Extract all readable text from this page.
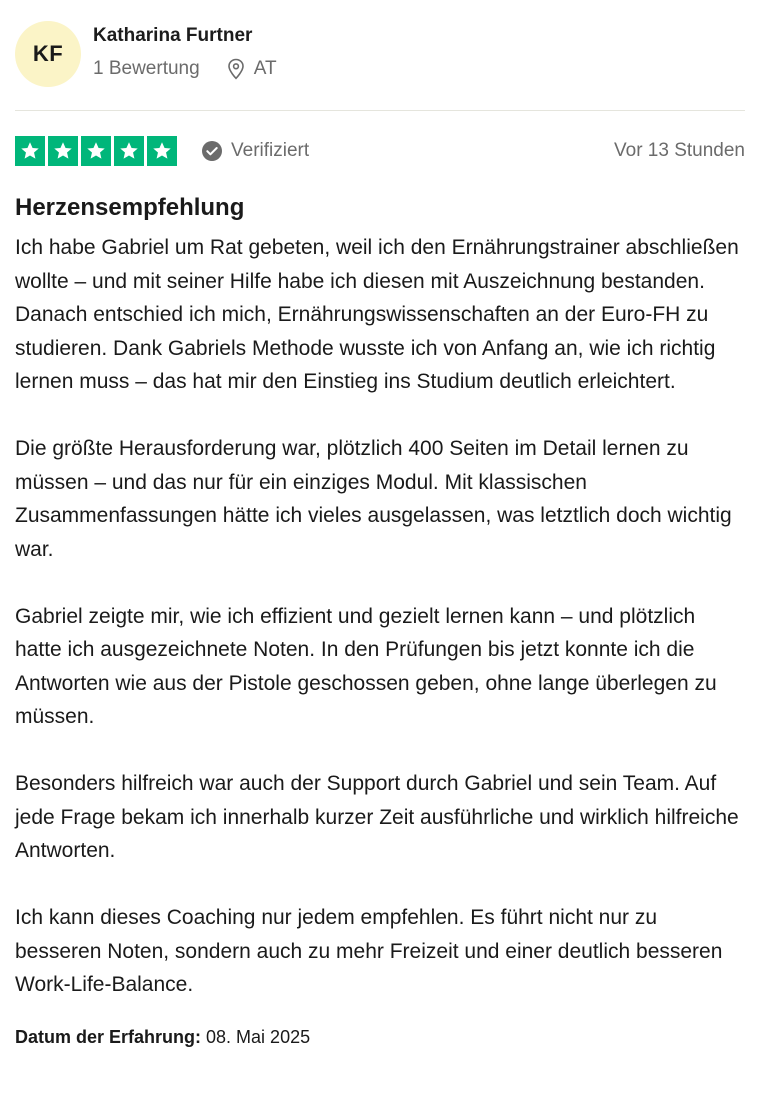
KF
Katharina Furtner
1 Bewertung	AT
Verifiziert	Vor 13 Stunden
Herzensempfehlung

Ich habe Gabriel um Rat gebeten, weil ich den Ernährungstrainer abschließen wollte – und mit seiner Hilfe habe ich diesen mit Auszeichnung bestanden. Danach entschied ich mich, Ernährungswissenschaften an der Euro-FH zu studieren. Dank Gabriels Methode wusste ich von Anfang an, wie ich richtig lernen muss – das hat mir den Einstieg ins Studium deutlich erleichtert.

Die größte Herausforderung war, plötzlich 400 Seiten im Detail lernen zu müssen – und das nur für ein einziges Modul. Mit klassischen Zusammenfassungen hätte ich vieles ausgelassen, was letztlich doch wichtig war.

Gabriel zeigte mir, wie ich effizient und gezielt lernen kann – und plötzlich hatte ich ausgezeichnete Noten. In den Prüfungen bis jetzt konnte ich die Antworten wie aus der Pistole geschossen geben, ohne lange überlegen zu müssen.

Besonders hilfreich war auch der Support durch Gabriel und sein Team. Auf jede Frage bekam ich innerhalb kurzer Zeit ausführliche und wirklich hilfreiche Antworten.

Ich kann dieses Coaching nur jedem empfehlen. Es führt nicht nur zu besseren Noten, sondern auch zu mehr Freizeit und einer deutlich besseren Work-Life-Balance.

Datum der Erfahrung: 08. Mai 2025
